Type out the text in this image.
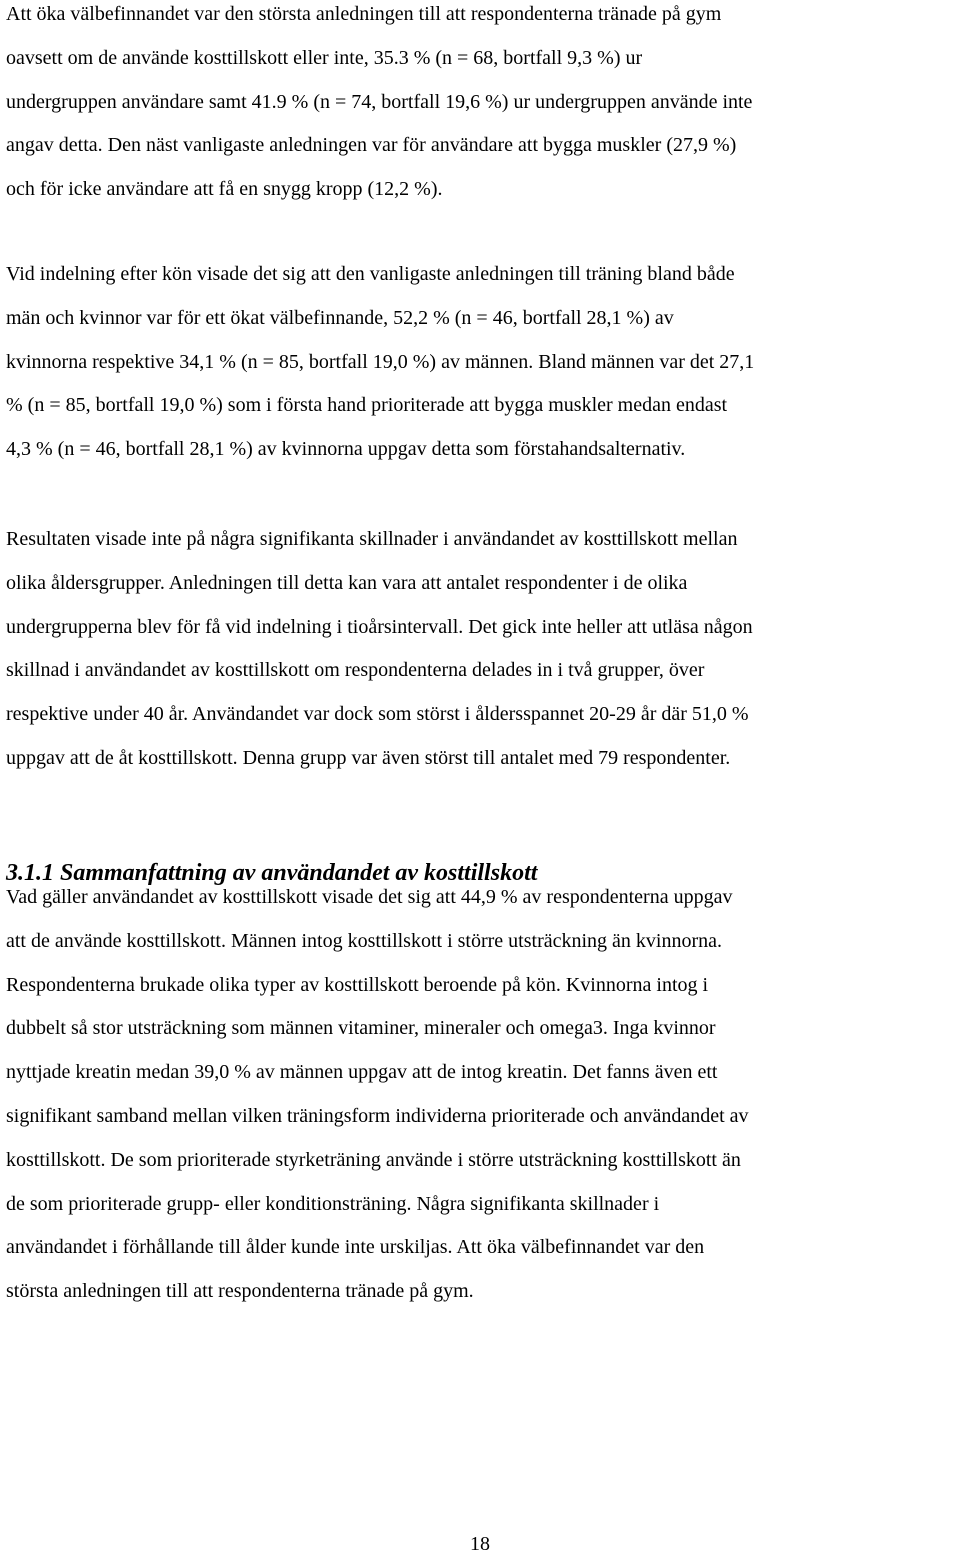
Att öka välbefinnandet var den största anledningen till att respondenterna tränade på gym
oavsett om de använde kosttillskott eller inte, 35.3 % (n = 68, bortfall 9,3 %) ur
undergruppen användare samt 41.9 % (n = 74, bortfall 19,6 %) ur undergruppen använde inte
angav detta. Den näst vanligaste anledningen var för användare att bygga muskler (27,9 %)
och för icke användare att få en snygg kropp (12,2 %).
Vid indelning efter kön visade det sig att den vanligaste anledningen till träning bland både
män och kvinnor var för ett ökat välbefinnande, 52,2 % (n = 46, bortfall 28,1 %) av
kvinnorna respektive 34,1 % (n = 85, bortfall 19,0 %) av männen. Bland männen var det 27,1
% (n = 85, bortfall 19,0 %) som i första hand prioriterade att bygga muskler medan endast
4,3 % (n = 46, bortfall 28,1 %) av kvinnorna uppgav detta som förstahandsalternativ.
Resultaten visade inte på några signifikanta skillnader i användandet av kosttillskott mellan
olika åldersgrupper. Anledningen till detta kan vara att antalet respondenter i de olika
undergrupperna blev för få vid indelning i tioårsintervall. Det gick inte heller att utläsa någon
skillnad i användandet av kosttillskott om respondenterna delades in i två grupper, över
respektive under 40 år. Användandet var dock som störst i åldersspannet 20-29 år där 51,0 %
uppgav att de åt kosttillskott. Denna grupp var även störst till antalet med 79 respondenter.
3.1.1 Sammanfattning av användandet av kosttillskott
Vad gäller användandet av kosttillskott visade det sig att 44,9 % av respondenterna uppgav
att de använde kosttillskott. Männen intog kosttillskott i större utsträckning än kvinnorna.
Respondenterna brukade olika typer av kosttillskott beroende på kön. Kvinnorna intog i
dubbelt så stor utsträckning som männen vitaminer, mineraler och omega3. Inga kvinnor
nyttjade kreatin medan 39,0 % av männen uppgav att de intog kreatin. Det fanns även ett
signifikant samband mellan vilken träningsform individerna prioriterade och användandet av
kosttillskott. De som prioriterade styrketräning använde i större utsträckning kosttillskott än
de som prioriterade grupp- eller konditionsträning. Några signifikanta skillnader i
användandet i förhållande till ålder kunde inte urskiljas. Att öka välbefinnandet var den
största anledningen till att respondenterna tränade på gym.
18
